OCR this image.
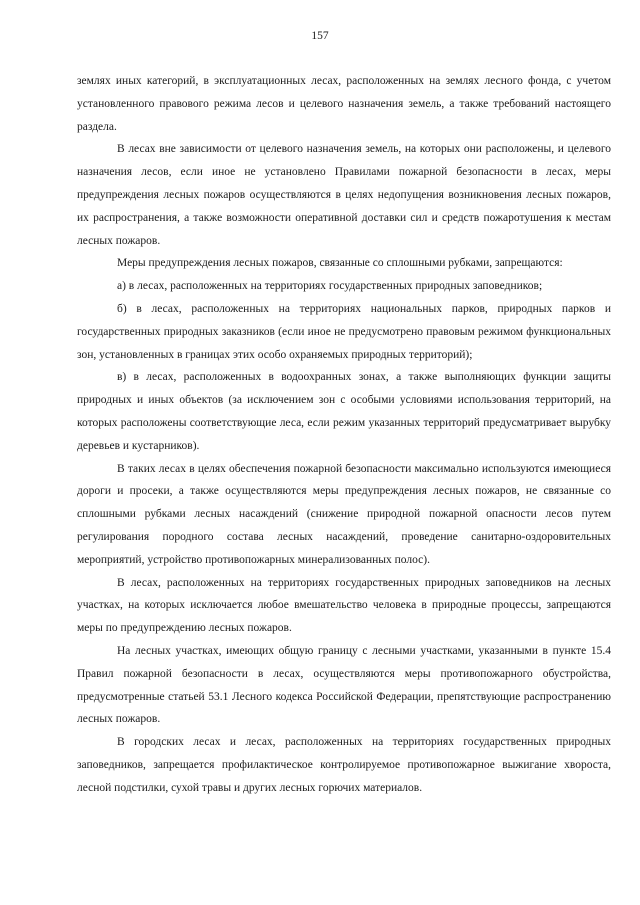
157

землях иных категорий, в эксплуатационных лесах, расположенных на землях лесного фонда, с учетом установленного правового режима лесов и целевого назначения земель, а также требований настоящего раздела.

В лесах вне зависимости от целевого назначения земель, на которых они расположены, и целевого назначения лесов, если иное не установлено Правилами пожарной безопасности в лесах, меры предупреждения лесных пожаров осуществляются в целях недопущения возникновения лесных пожаров, их распространения, а также возможности оперативной доставки сил и средств пожаротушения к местам лесных пожаров.

Меры предупреждения лесных пожаров, связанные со сплошными рубками, запрещаются:

а) в лесах, расположенных на территориях государственных природных заповедников;

б) в лесах, расположенных на территориях национальных парков, природных парков и государственных природных заказников (если иное не предусмотрено правовым режимом функциональных зон, установленных в границах этих особо охраняемых природных территорий);

в) в лесах, расположенных в водоохранных зонах, а также выполняющих функции защиты природных и иных объектов (за исключением зон с особыми условиями использования территорий, на которых расположены соответствующие леса, если режим указанных территорий предусматривает вырубку деревьев и кустарников).

В таких лесах в целях обеспечения пожарной безопасности максимально используются имеющиеся дороги и просеки, а также осуществляются меры предупреждения лесных пожаров, не связанные со сплошными рубками лесных насаждений (снижение природной пожарной опасности лесов путем регулирования породного состава лесных насаждений, проведение санитарно-оздоровительных мероприятий, устройство противопожарных минерализованных полос).

В лесах, расположенных на территориях государственных природных заповедников на лесных участках, на которых исключается любое вмешательство человека в природные процессы, запрещаются меры по предупреждению лесных пожаров.

На лесных участках, имеющих общую границу с лесными участками, указанными в пункте 15.4 Правил пожарной безопасности в лесах, осуществляются меры противопожарного обустройства, предусмотренные статьей 53.1 Лесного кодекса Российской Федерации, препятствующие распространению лесных пожаров.

В городских лесах и лесах, расположенных на территориях государственных природных заповедников, запрещается профилактическое контролируемое противопожарное выжигание хвороста, лесной подстилки, сухой травы и других лесных горючих материалов.
